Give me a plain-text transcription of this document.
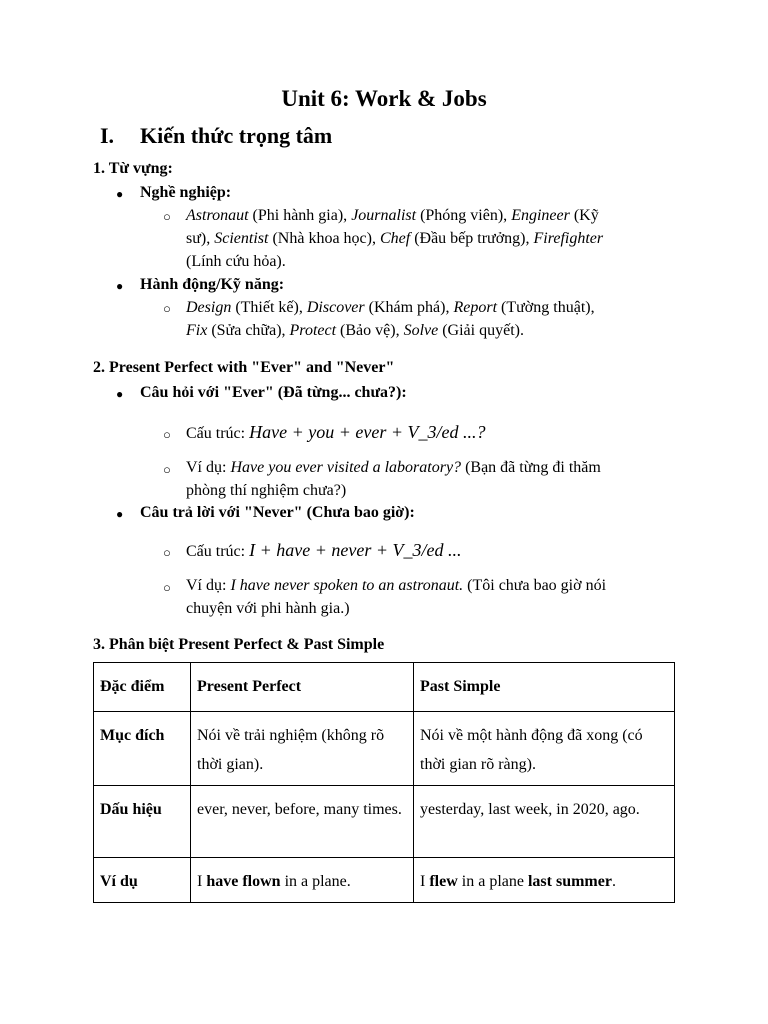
Unit 6: Work & Jobs
I. Kiến thức trọng tâm
1. Từ vựng:
● Nghề nghiệp:
○ Astronaut (Phi hành gia), Journalist (Phóng viên), Engineer (Kỹ
sư), Scientist (Nhà khoa học), Chef (Đầu bếp trưởng), Firefighter
(Lính cứu hỏa).
● Hành động/Kỹ năng:
○ Design (Thiết kế), Discover (Khám phá), Report (Tường thuật),
Fix (Sửa chữa), Protect (Bảo vệ), Solve (Giải quyết).
2. Present Perfect with "Ever" and "Never"
● Câu hỏi với "Ever" (Đã từng... chưa?):
○ Cấu trúc: Have + you + ever + V_3/ed ...?
○ Ví dụ: Have you ever visited a laboratory? (Bạn đã từng đi thăm
phòng thí nghiệm chưa?)
● Câu trả lời với "Never" (Chưa bao giờ):
○ Cấu trúc: I + have + never + V_3/ed ...
○ Ví dụ: I have never spoken to an astronaut. (Tôi chưa bao giờ nói
chuyện với phi hành gia.)
3. Phân biệt Present Perfect & Past Simple
Đặc điểm	Present Perfect	Past Simple
Mục đích	Nói về trải nghiệm (không rõ thời gian).	Nói về một hành động đã xong (có thời gian rõ ràng).
Dấu hiệu	ever, never, before, many times.	yesterday, last week, in 2020, ago.
Ví dụ	I have flown in a plane.	I flew in a plane last summer.
